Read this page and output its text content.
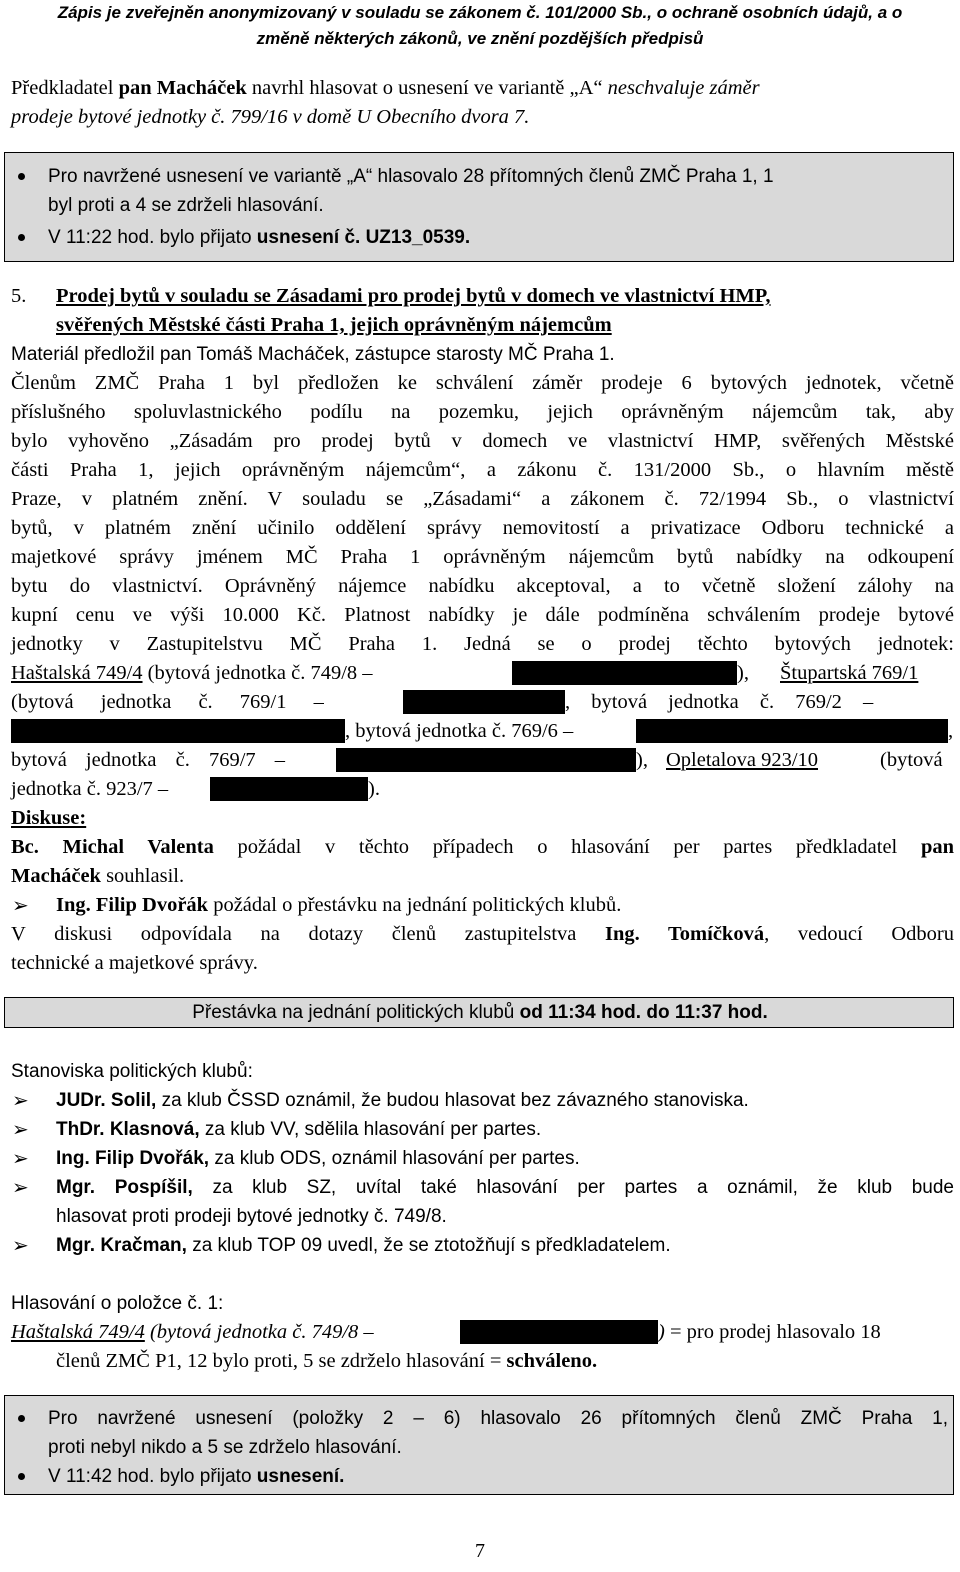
Zápis je zveřejněn anonymizovaný v souladu se zákonem č. 101/2000 Sb., o ochraně osobních údajů, a o
změně některých zákonů, ve znění pozdějších předpisů
Předkladatel pan Macháček navrhl hlasovat o usnesení ve variantě „A“ neschvaluje záměr
prodeje bytové jednotky č. 799/16 v domě U Obecního dvora 7.
Pro navržené usnesení ve variantě „A“ hlasovalo 28 přítomných členů ZMČ Praha 1, 1
byl proti a 4 se zdrželi hlasování.
V 11:22 hod. bylo přijato usnesení č. UZ13_0539.
5. Prodej bytů v souladu se Zásadami pro prodej bytů v domech ve vlastnictví HMP,
svěřených Městské části Praha 1, jejich oprávněným nájemcům
Materiál předložil pan Tomáš Macháček, zástupce starosty MČ Praha 1.
Členům ZMČ Praha 1 byl předložen ke schválení záměr prodeje 6 bytových jednotek, včetně
příslušného spoluvlastnického podílu na pozemku, jejich oprávněným nájemcům tak, aby
bylo vyhověno „Zásadám pro prodej bytů v domech ve vlastnictví HMP, svěřených Městské
části Praha 1, jejich oprávněným nájemcům“, a zákonu č. 131/2000 Sb., o hlavním městě
Praze, v platném znění. V souladu se „Zásadami“ a zákonem č. 72/1994 Sb., o vlastnictví
bytů, v platném znění učinilo oddělení správy nemovitostí a privatizace Odboru technické a
majetkové správy jménem MČ Praha 1 oprávněným nájemcům bytů nabídky na odkoupení
bytu do vlastnictví. Oprávněný nájemce nabídku akceptoval, a to včetně složení zálohy na
kupní cenu ve výši 10.000 Kč. Platnost nabídky je dále podmíněna schválením prodeje bytové
jednotky v Zastupitelstvu MČ Praha 1. Jedná se o prodej těchto bytových jednotek:
Haštalská 749/4 (bytová jednotka č. 749/8 –	), Štupartská 769/1
(bytová jednotka č. 769/1 –	, bytová jednotka č. 769/2 –
, bytová jednotka č. 769/6 –	,
bytová jednotka č. 769/7 –	), Opletalova 923/10	(bytová
jednotka č. 923/7 –	).
Diskuse:
Bc. Michal Valenta požádal v těchto případech o hlasování per partes předkladatel pan
Macháček souhlasil.
➢ Ing. Filip Dvořák požádal o přestávku na jednání politických klubů.
V diskusi odpovídala na dotazy členů zastupitelstva Ing. Tomíčková, vedoucí Odboru
technické a majetkové správy.
Přestávka na jednání politických klubů od 11:34 hod. do 11:37 hod.
Stanoviska politických klubů:
➢ JUDr. Solil, za klub ČSSD oznámil, že budou hlasovat bez závazného stanoviska.
➢ ThDr. Klasnová, za klub VV, sdělila hlasování per partes.
➢ Ing. Filip Dvořák, za klub ODS, oznámil hlasování per partes.
➢ Mgr. Pospíšil, za klub SZ, uvítal také hlasování per partes a oznámil, že klub bude
hlasovat proti prodeji bytové jednotky č. 749/8.
➢ Mgr. Kračman, za klub TOP 09 uvedl, že se ztotožňují s předkladatelem.
Hlasování o položce č. 1:
Haštalská 749/4 (bytová jednotka č. 749/8 –	) = pro prodej hlasovalo 18
členů ZMČ P1, 12 bylo proti, 5 se zdrželo hlasování = schváleno.
Pro navržené usnesení (položky 2 – 6) hlasovalo 26 přítomných členů ZMČ Praha 1,
proti nebyl nikdo a 5 se zdrželo hlasování.
V 11:42 hod. bylo přijato usnesení.
7
